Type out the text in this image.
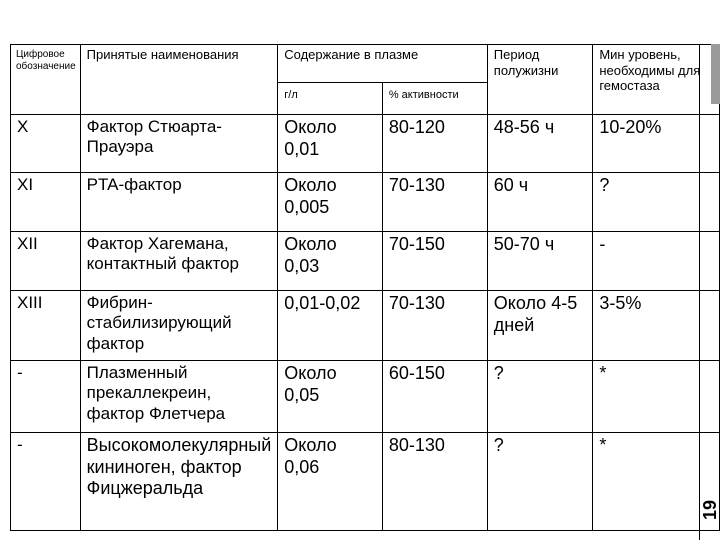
Цифровое обозначение	Принятые наименования	Содержание в плазме		Период полужизни	Мин уровень, необходимы для гемостаза
		г/л	% активности		
X	Фактор Стюарта-Прауэра	Около 0,01	80-120	48-56 ч	10-20%
XI	PTA-фактор	Около 0,005	70-130	60 ч	?
XII	Фактор Хагемана, контактный фактор	Около 0,03	70-150	50-70 ч	-
XIII	Фибрин-стабилизирующий фактор	0,01-0,02	70-130	Около 4-5 дней	3-5%
-	Плазменный прекаллекреин, фактор Флетчера	Около 0,05	60-150	?	*
-	Высокомолекулярный кининоген, фактор Фицжеральда	Около 0,06	80-130	?	*
19
